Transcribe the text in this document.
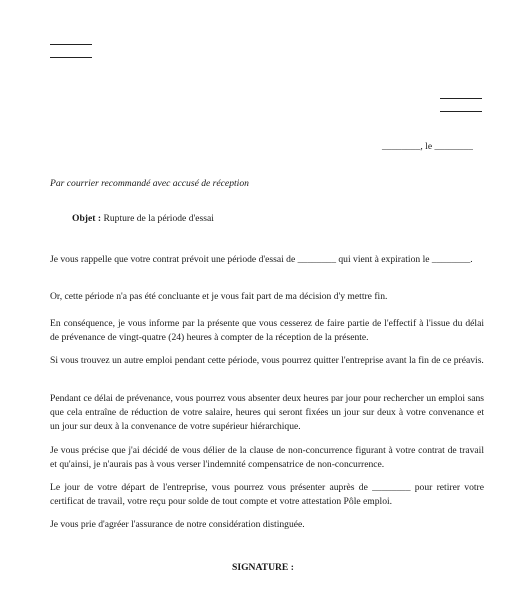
________, le ________
Par courrier recommandé avec accusé de réception
Objet : Rupture de la période d'essai
Je vous rappelle que votre contrat prévoit une période d'essai de ________ qui vient à expiration le ________.
Or, cette période n'a pas été concluante et je vous fait part de ma décision d'y mettre fin.
En conséquence, je vous informe par la présente que vous cesserez de faire partie de l'effectif à l'issue du délai de prévenance de vingt-quatre (24) heures à compter de la réception de la présente.
Si vous trouvez un autre emploi pendant cette période, vous pourrez quitter l'entreprise avant la fin de ce préavis.
Pendant ce délai de prévenance, vous pourrez vous absenter deux heures par jour pour rechercher un emploi sans que cela entraîne de réduction de votre salaire, heures qui seront fixées un jour sur deux à votre convenance et un jour sur deux à la convenance de votre supérieur hiérarchique.
Je vous précise que j'ai décidé de vous délier de la clause de non-concurrence figurant à votre contrat de travail et qu'ainsi, je n'aurais pas à vous verser l'indemnité compensatrice de non-concurrence.
Le jour de votre départ de l'entreprise, vous pourrez vous présenter auprès de ________ pour retirer votre certificat de travail, votre reçu pour solde de tout compte et votre attestation Pôle emploi.
Je vous prie d'agréer l'assurance de notre considération distinguée.
SIGNATURE :
